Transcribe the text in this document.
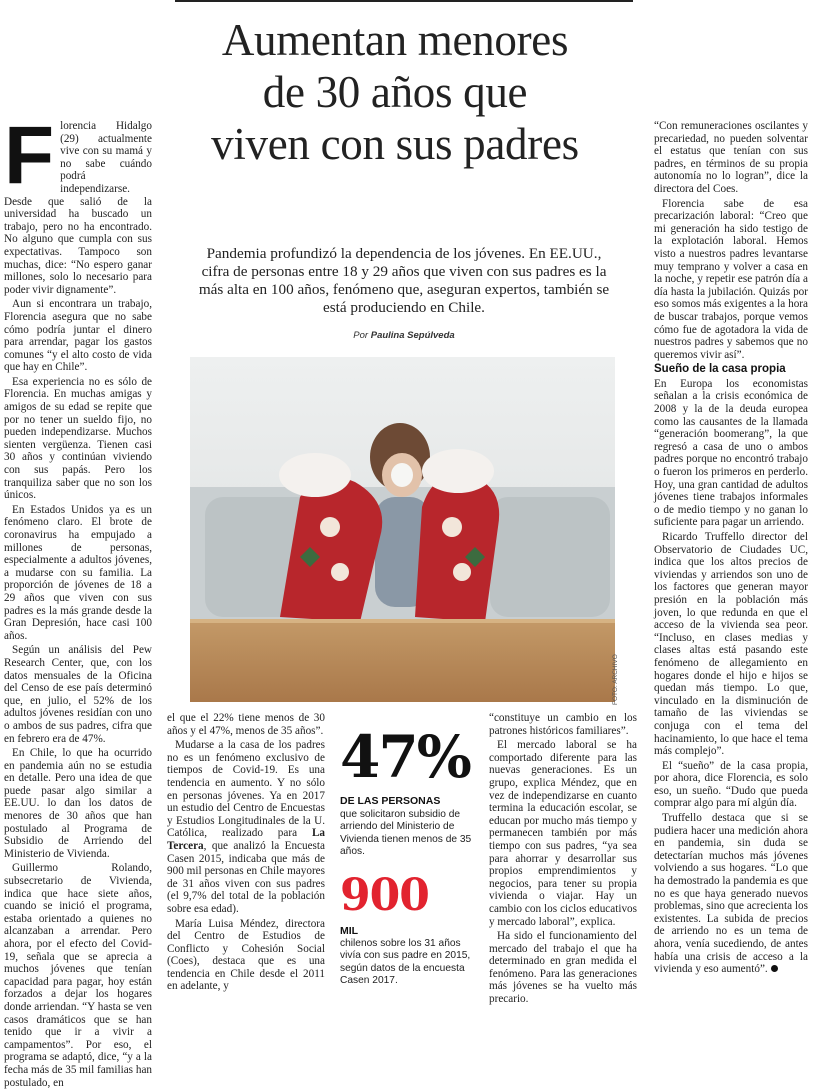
Aumentan menores
de 30 años que
viven con sus padres

Florencia Hidalgo (29) actualmente vive con su mamá y no sabe cuándo podrá independizarse. Desde que salió de la universidad ha buscado un trabajo, pero no ha encontrado. No alguno que cumpla con sus expectativas. Tampoco son muchas, dice: “No espero ganar millones, solo lo necesario para poder vivir dignamente”.

Aun si encontrara un trabajo, Florencia asegura que no sabe cómo podría juntar el dinero para arrendar, pagar los gastos comunes “y el alto costo de vida que hay en Chile”.

Esa experiencia no es sólo de Florencia. En muchas amigas y amigos de su edad se repite que por no tener un sueldo fijo, no pueden independizarse. Muchos sienten vergüenza. Tienen casi 30 años y continúan viviendo con sus papás. Pero los tranquiliza saber que no son los únicos.

En Estados Unidos ya es un fenómeno claro. El brote de coronavirus ha empujado a millones de personas, especialmente a adultos jóvenes, a mudarse con su familia. La proporción de jóvenes de 18 a 29 años que viven con sus padres es la más grande desde la Gran Depresión, hace casi 100 años.

Según un análisis del Pew Research Center, que, con los datos mensuales de la Oficina del Censo de ese país determinó que, en julio, el 52% de los adultos jóvenes residían con uno o ambos de sus padres, cifra que en febrero era de 47%.

En Chile, lo que ha ocurrido en pandemia aún no se estudia en detalle. Pero una idea de que puede pasar algo similar a EE.UU. lo dan los datos de menores de 30 años que han postulado al Programa de Subsidio de Arriendo del Ministerio de Vivienda.

Guillermo Rolando, subsecretario de Vivienda, indica que hace siete años, cuando se inició el programa, estaba orientado a quienes no alcanzaban a arrendar. Pero ahora, por el efecto del Covid-19, señala que se aprecia a muchos jóvenes que tenían capacidad para pagar, hoy están forzados a dejar los hogares donde arriendan. “Y hasta se ven casos dramáticos que se han tenido que ir a vivir a campamentos”. Por eso, el programa se adaptó, dice, “y a la fecha más de 35 mil familias han postulado, en

Pandemia profundizó la dependencia de los jóvenes. En EE.UU., cifra de personas entre 18 y 29 años que viven con sus padres es la más alta en 100 años, fenómeno que, aseguran expertos, también se está produciendo en Chile.
Por Paulina Sepúlveda
FOTO: ARCHIVO

el que el 22% tiene menos de 30 años y el 47%, menos de 35 años”.

Mudarse a la casa de los padres no es un fenómeno exclusivo de tiempos de Covid-19. Es una tendencia en aumento. Y no sólo en personas jóvenes. Ya en 2017 un estudio del Centro de Encuestas y Estudios Longitudinales de la U. Católica, realizado para La Tercera, que analizó la Encuesta Casen 2015, indicaba que más de 900 mil personas en Chile mayores de 31 años viven con sus padres (el 9,7% del total de la población sobre esa edad).

María Luisa Méndez, directora del Centro de Estudios de Conflicto y Cohesión Social (Coes), destaca que es una tendencia en Chile desde el 2011 en adelante, y

47%
DE LAS PERSONAS
que solicitaron subsidio de arriendo del Ministerio de Vivienda tienen menos de 35 años.
900
MIL
chilenos sobre los 31 años vivía con sus padre en 2015, según datos de la encuesta Casen 2017.

“constituye un cambio en los patrones históricos familiares”.

El mercado laboral se ha comportado diferente para las nuevas generaciones. Es un grupo, explica Méndez, que en vez de independizarse en cuanto termina la educación escolar, se educan por mucho más tiempo y permanecen también por más tiempo con sus padres, “ya sea para ahorrar y desarrollar sus propios emprendimientos y negocios, para tener su propia vivienda o viajar. Hay un cambio con los ciclos educativos y mercado laboral”, explica.

Ha sido el funcionamiento del mercado del trabajo el que ha determinado en gran medida el fenómeno. Para las generaciones más jóvenes se ha vuelto más precario.

“Con remuneraciones oscilantes y precariedad, no pueden solventar el estatus que tenían con sus padres, en términos de su propia autonomía no lo logran”, dice la directora del Coes.

Florencia sabe de esa precarización laboral: “Creo que mi generación ha sido testigo de la explotación laboral. Hemos visto a nuestros padres levantarse muy temprano y volver a casa en la noche, y repetir ese patrón día a día hasta la jubilación. Quizás por eso somos más exigentes a la hora de buscar trabajos, porque vemos cómo fue de agotadora la vida de nuestros padres y sabemos que no queremos vivir así”.

Sueño de la casa propia

En Europa los economistas señalan a la crisis económica de 2008 y la de la deuda europea como las causantes de la llamada “generación boomerang”, la que regresó a casa de uno o ambos padres porque no encontró trabajo o fueron los primeros en perderlo. Hoy, una gran cantidad de adultos jóvenes tiene trabajos informales o de medio tiempo y no ganan lo suficiente para pagar un arriendo.

Ricardo Truffello director del Observatorio de Ciudades UC, indica que los altos precios de viviendas y arriendos son uno de los factores que generan mayor presión en la población más joven, lo que redunda en que el acceso de la vivienda sea peor. “Incluso, en clases medias y clases altas está pasando este fenómeno de allegamiento en hogares donde el hijo e hijos se quedan más tiempo. Lo que, vinculado en la disminución de tamaño de las viviendas se conjuga con el tema del hacinamiento, lo que hace el tema más complejo”.

El “sueño” de la casa propia, por ahora, dice Florencia, es solo eso, un sueño. “Dudo que pueda comprar algo para mí algún día.

Truffello destaca que si se pudiera hacer una medición ahora en pandemia, sin duda se detectarían muchos más jóvenes volviendo a sus hogares. “Lo que ha demostrado la pandemia es que no es que haya generado nuevos problemas, sino que acrecienta los existentes. La subida de precios de arriendo no es un tema de ahora, venía sucediendo, de antes había una crisis de acceso a la vivienda y eso aumentó”.
